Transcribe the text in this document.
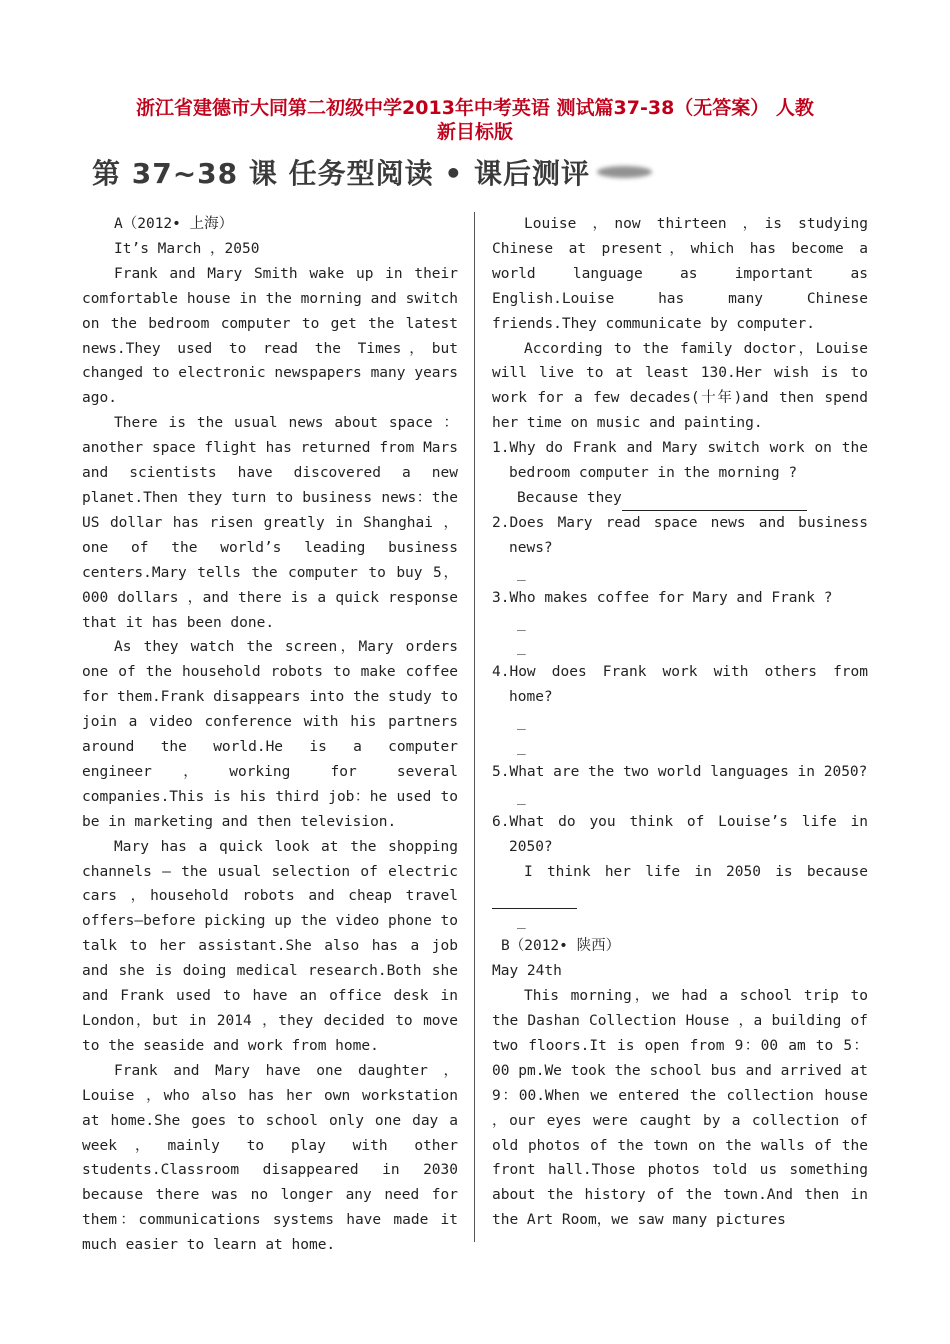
浙江省建德市大同第二初级中学2013年中考英语 测试篇37-38（无答案） 人教
新目标版
第 37~38 课 任务型阅读 • 课后测评

A（2012• 上海）

It’s March ，2050

Frank and Mary Smith wake up in their comfortable house in the morning and switch on the bedroom computer to get the latest news.They used to read the Times，but changed to electronic newspapers many years ago.

There is the usual news about space ：another space flight has returned from Mars and scientists have discovered a new planet.Then they turn to business news：the US dollar has risen greatly in Shanghai ，one of the world’s leading business centers.Mary tells the computer to buy 5，000 dollars ，and there is a quick response that it has been done.

As they watch the screen，Mary orders one of the household robots to make coffee for them.Frank disappears into the study to join a video conference with his partners around the world.He is a computer engineer，working for several companies.This is his third job：he used to be in marketing and then television.

Mary has a quick look at the shopping channels — the usual selection of electric cars ，household robots and cheap travel offers—before picking up the video phone to talk to her assistant.She also has a job and she is doing medical research.Both she and Frank used to have an office desk in London，but in 2014 ，they decided to move to the seaside and work from home.

Frank and Mary have one daughter ，Louise ，who also has her own workstation at home.She goes to school only one day a week，mainly to play with other students.Classroom disappeared in 2030 because there was no longer any need for them：communications systems have made it much easier to learn at home.

Louise ，now thirteen ，is studying Chinese at present，which has become a world language as important as English.Louise has many Chinese friends.They communicate by computer.

According to the family doctor，Louise will live to at least 130.Her wish is to work for a few decades(十年)and then spend her time on music and painting.

1.Why do Frank and Mary switch work on the bedroom computer in the morning ?

Because they

2.Does Mary read space news and business news?

_

3.Who makes coffee for Mary and Frank ?

_

_

4.How does Frank work with others from home?

_

_

5.What are the two world languages in 2050?

_

6.What do you think of Louise’s life in 2050?

I think her life in 2050 is because

_

B（2012• 陕西）

May 24th

This morning，we had a school trip to the Dashan Collection House ，a building of two floors.It is open from 9：00 am to 5：00 pm.We took the school bus and arrived at 9：00.When we entered the collection house ，our eyes were caught by a collection of old photos of the town on the walls of the front hall.Those photos told us something about the history of the town.And then in the Art Room，we saw many pictures
